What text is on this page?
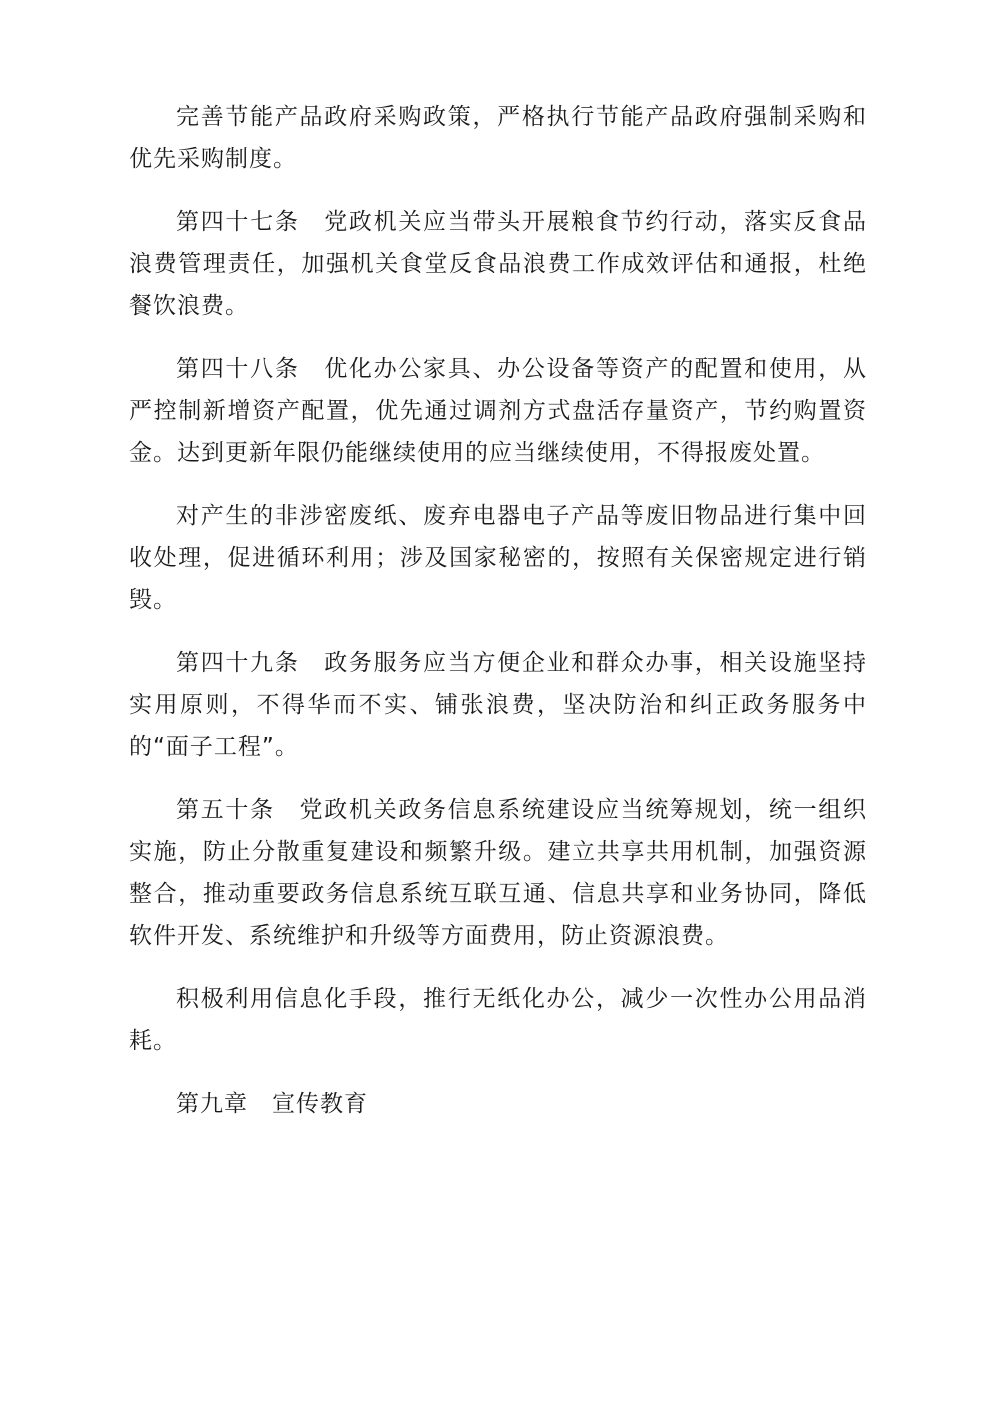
完善节能产品政府采购政策，严格执行节能产品政府强制采购和优先采购制度。

第四十七条　党政机关应当带头开展粮食节约行动，落实反食品浪费管理责任，加强机关食堂反食品浪费工作成效评估和通报，杜绝餐饮浪费。

第四十八条　优化办公家具、办公设备等资产的配置和使用，从严控制新增资产配置，优先通过调剂方式盘活存量资产，节约购置资金。达到更新年限仍能继续使用的应当继续使用，不得报废处置。

对产生的非涉密废纸、废弃电器电子产品等废旧物品进行集中回收处理，促进循环利用；涉及国家秘密的，按照有关保密规定进行销毁。

第四十九条　政务服务应当方便企业和群众办事，相关设施坚持实用原则，不得华而不实、铺张浪费，坚决防治和纠正政务服务中的“面子工程”。

第五十条　党政机关政务信息系统建设应当统筹规划，统一组织实施，防止分散重复建设和频繁升级。建立共享共用机制，加强资源整合，推动重要政务信息系统互联互通、信息共享和业务协同，降低软件开发、系统维护和升级等方面费用，防止资源浪费。

积极利用信息化手段，推行无纸化办公，减少一次性办公用品消耗。

第九章　宣传教育
